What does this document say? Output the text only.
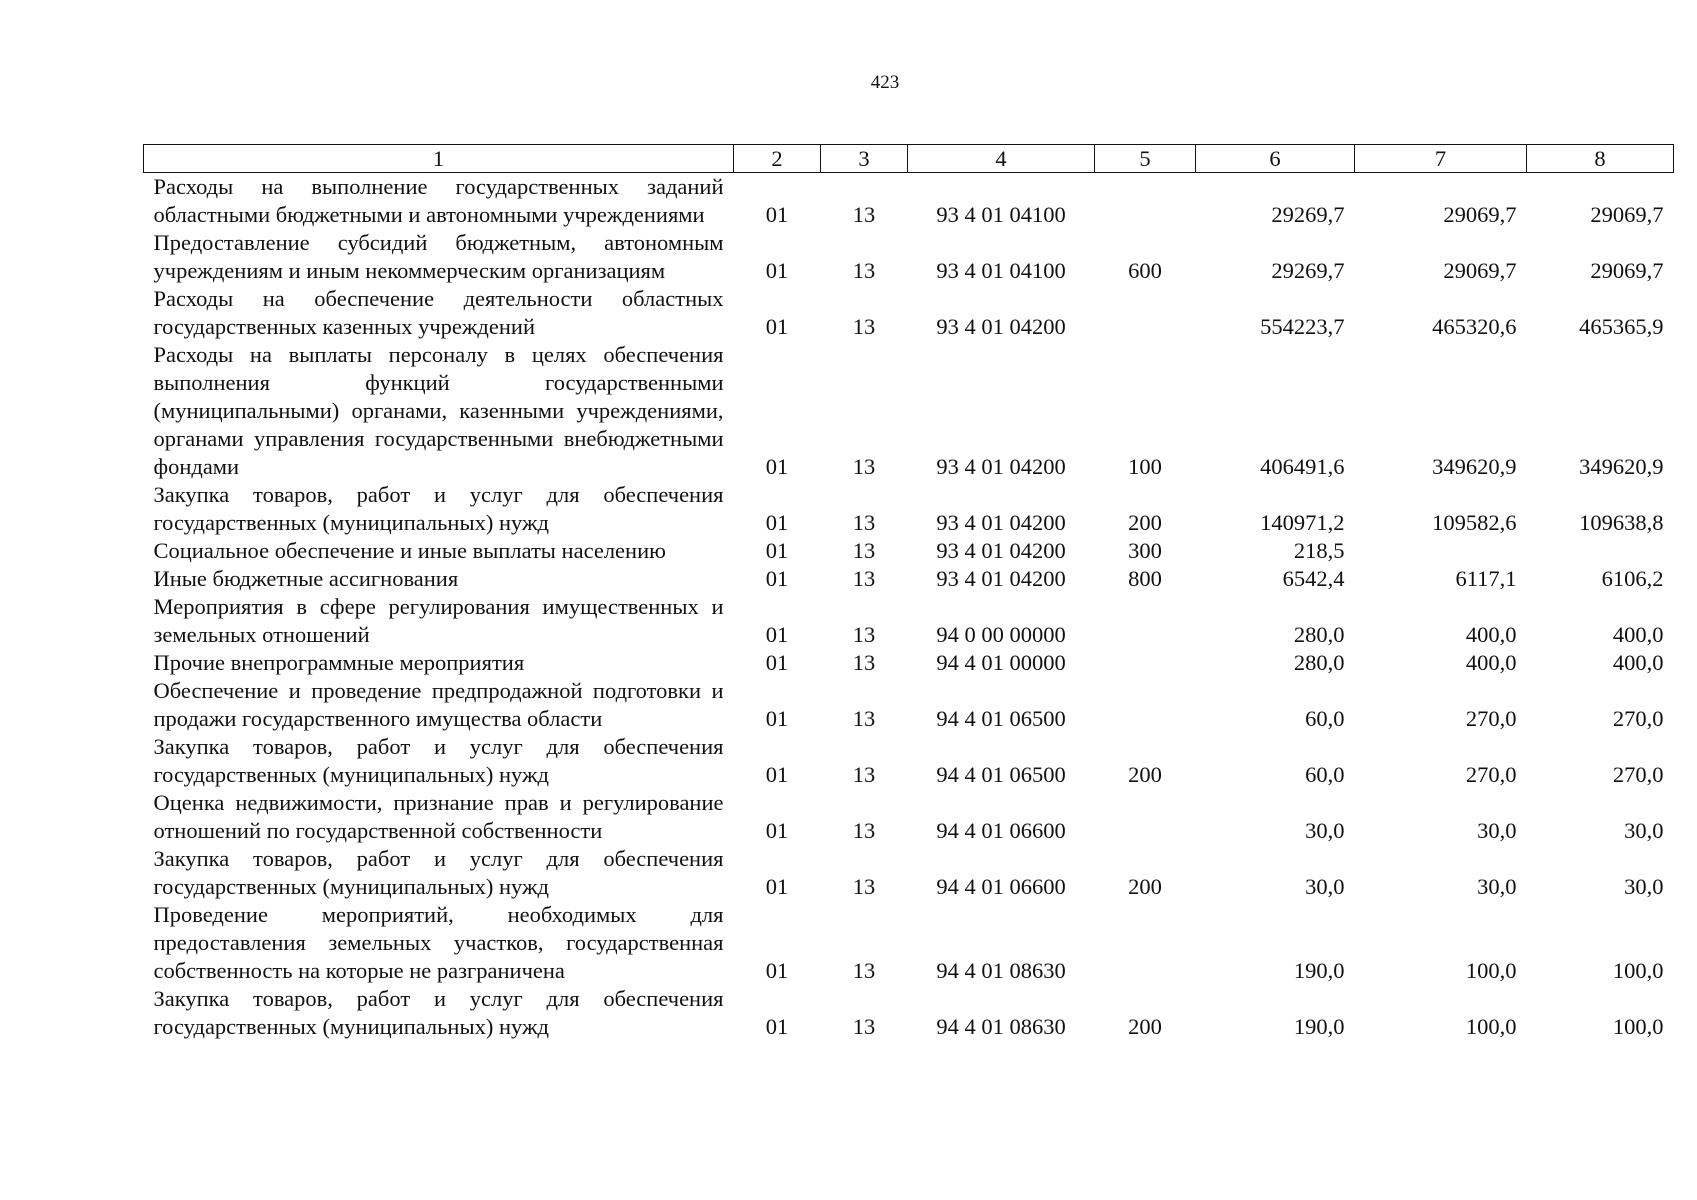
423
1	2	3	4	5	6	7	8
Расходы на выполнение государственных заданий областными бюджетными и автономными учреждениями	01	13	93 4 01 04100		29269,7	29069,7	29069,7
Предоставление субсидий бюджетным, автономным учреждениям и иным некоммерческим организациям	01	13	93 4 01 04100	600	29269,7	29069,7	29069,7
Расходы на обеспечение деятельности областных государственных казенных учреждений	01	13	93 4 01 04200		554223,7	465320,6	465365,9
Расходы на выплаты персоналу в целях обеспечения выполнения функций государственными (муниципальными) органами, казенными учреждениями, органами управления государственными внебюджетными фондами	01	13	93 4 01 04200	100	406491,6	349620,9	349620,9
Закупка товаров, работ и услуг для обеспечения государственных (муниципальных) нужд	01	13	93 4 01 04200	200	140971,2	109582,6	109638,8
Социальное обеспечение и иные выплаты населению	01	13	93 4 01 04200	300	218,5		
Иные бюджетные ассигнования	01	13	93 4 01 04200	800	6542,4	6117,1	6106,2
Мероприятия в сфере регулирования имущественных и земельных отношений	01	13	94 0 00 00000		280,0	400,0	400,0
Прочие внепрограммные мероприятия	01	13	94 4 01 00000		280,0	400,0	400,0
Обеспечение и проведение предпродажной подготовки и продажи государственного имущества области	01	13	94 4 01 06500		60,0	270,0	270,0
Закупка товаров, работ и услуг для обеспечения государственных (муниципальных) нужд	01	13	94 4 01 06500	200	60,0	270,0	270,0
Оценка недвижимости, признание прав и регулирование отношений по государственной собственности	01	13	94 4 01 06600		30,0	30,0	30,0
Закупка товаров, работ и услуг для обеспечения государственных (муниципальных) нужд	01	13	94 4 01 06600	200	30,0	30,0	30,0
Проведение мероприятий, необходимых для предоставления земельных участков, государственная собственность на которые не разграничена	01	13	94 4 01 08630		190,0	100,0	100,0
Закупка товаров, работ и услуг для обеспечения государственных (муниципальных) нужд	01	13	94 4 01 08630	200	190,0	100,0	100,0
